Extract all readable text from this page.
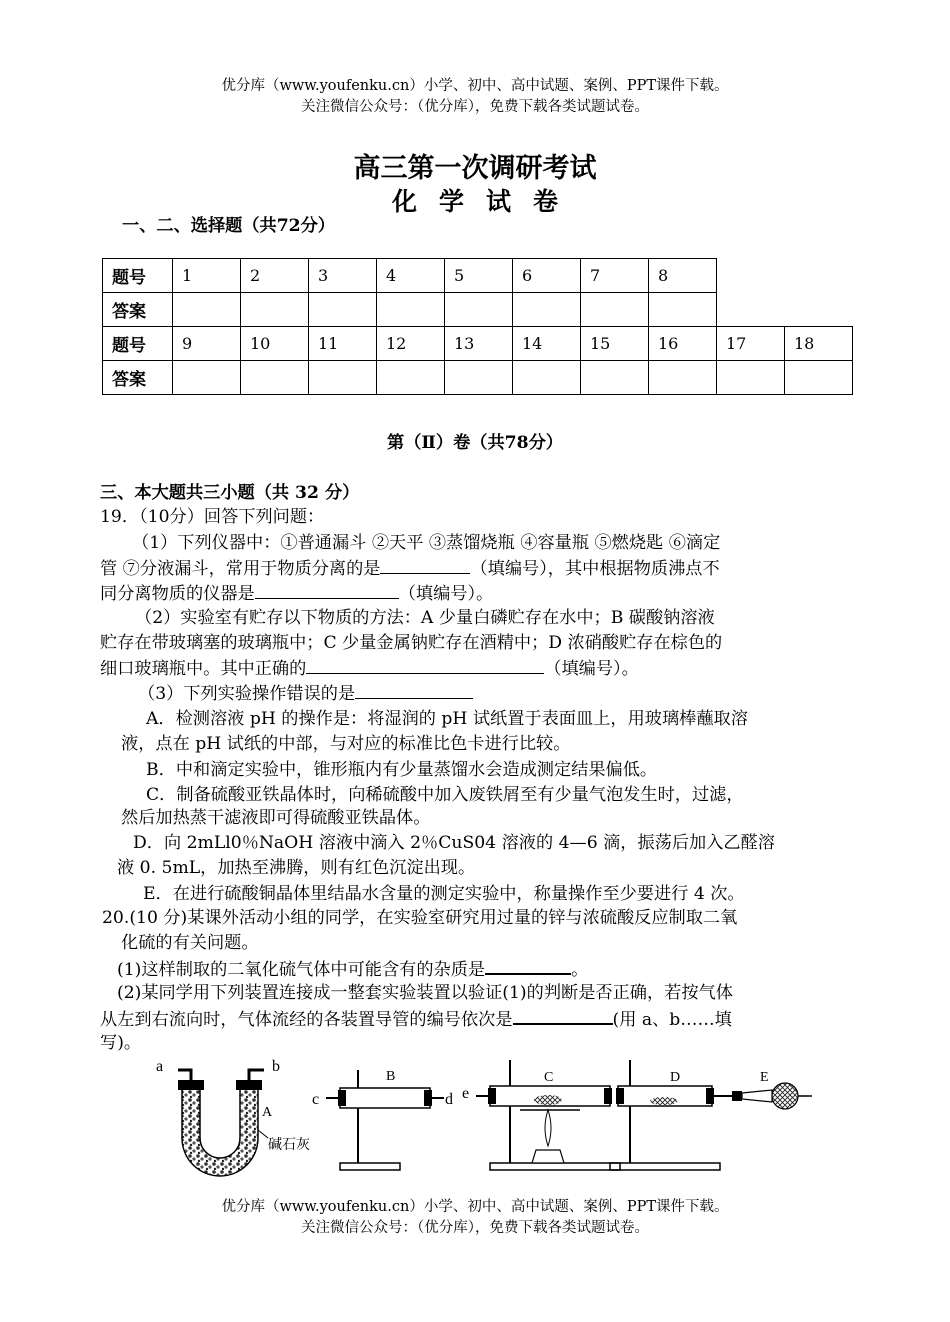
优分库（www.youfenku.cn）小学、初中、高中试题、案例、PPT课件下载。
关注微信公众号：（优分库），免费下载各类试题试卷。
高三第一次调研考试
化学试卷
一、二、选择题（共72分）
题号	1	2	3	4	5	6	7	8		
答案										
题号	9	10	11	12	13	14	15	16	17	18
答案										
第（Ⅱ）卷（共78分）
三、本大题共三小题（共 32 分）
19．（10分）回答下列问题：
（1）下列仪器中：①普通漏斗 ②天平 ③蒸馏烧瓶 ④容量瓶 ⑤燃烧匙 ⑥滴定
管 ⑦分液漏斗，常用于物质分离的是	（填编号），其中根据物质沸点不
同分离物质的仪器是	（填编号）。
（2）实验室有贮存以下物质的方法：A 少量白磷贮存在水中；B 碳酸钠溶液
贮存在带玻璃塞的玻璃瓶中；C 少量金属钠贮存在酒精中；D 浓硝酸贮存在棕色的
细口玻璃瓶中。其中正确的	（填编号）。
（3）下列实验操作错误的是
A．检测溶液 pH 的操作是：将湿润的 pH 试纸置于表面皿上，用玻璃棒蘸取溶
液，点在 pH 试纸的中部，与对应的标准比色卡进行比较。
B．中和滴定实验中，锥形瓶内有少量蒸馏水会造成测定结果偏低。
C．制备硫酸亚铁晶体时，向稀硫酸中加入废铁屑至有少量气泡发生时，过滤，
然后加热蒸干滤液即可得硫酸亚铁晶体。
D．向 2mLl0％NaOH 溶液中滴入 2％CuS04 溶液的 4—6 滴，振荡后加入乙醛溶
液 0. 5mL，加热至沸腾，则有红色沉淀出现。
E．在进行硫酸铜晶体里结晶水含量的测定实验中，称量操作至少要进行 4 次。
20.(10 分)某课外活动小组的同学，在实验室研究用过量的锌与浓硫酸反应制取二氧
化硫的有关问题。
(1)这样制取的二氧化硫气体中可能含有的杂质是	。
(2)某同学用下列装置连接成一整套实验装置以验证(1)的判断是否正确，若按气体
从左到右流向时，气体流经的各装置导管的编号依次是	(用 a、b……填
写)。
a	b
A
碱石灰
c
B
d e
C	D	E
优分库（www.youfenku.cn）小学、初中、高中试题、案例、PPT课件下载。
关注微信公众号：（优分库），免费下载各类试题试卷。
